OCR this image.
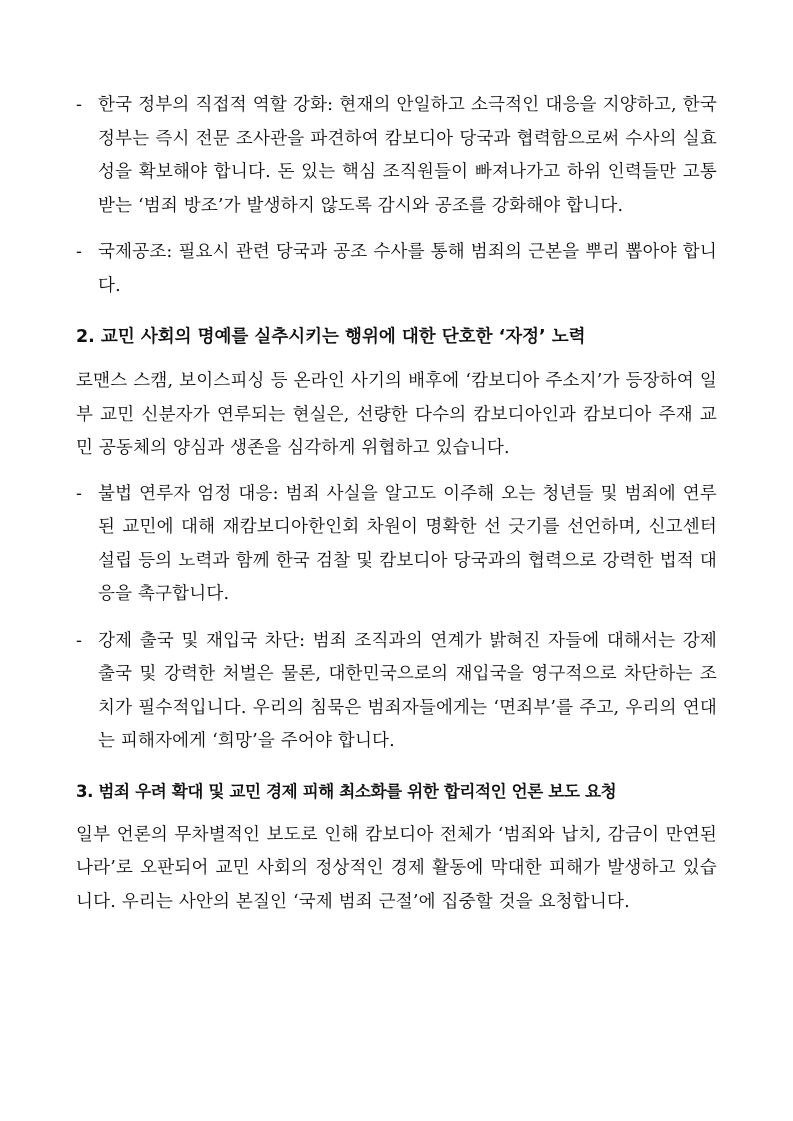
- 한국 정부의 직접적 역할 강화: 현재의 안일하고 소극적인 대응을 지양하고, 한국 정부는 즉시 전문 조사관을 파견하여 캄보디아 당국과 협력함으로써 수사의 실효성을 확보해야 합니다. 돈 있는 핵심 조직원들이 빠져나가고 하위 인력들만 고통받는 ‘범죄 방조’가 발생하지 않도록 감시와 공조를 강화해야 합니다.
- 국제공조: 필요시 관련 당국과 공조 수사를 통해 범죄의 근본을 뿌리 뽑아야 합니다.
2. 교민 사회의 명예를 실추시키는 행위에 대한 단호한 ‘자정’ 노력
로맨스 스캠, 보이스피싱 등 온라인 사기의 배후에 ‘캄보디아 주소지’가 등장하여 일부 교민 신분자가 연루되는 현실은, 선량한 다수의 캄보디아인과 캄보디아 주재 교민 공동체의 양심과 생존을 심각하게 위협하고 있습니다.
- 불법 연루자 엄정 대응: 범죄 사실을 알고도 이주해 오는 청년들 및 범죄에 연루된 교민에 대해 재캄보디아한인회 차원이 명확한 선 긋기를 선언하며, 신고센터 설립 등의 노력과 함께 한국 검찰 및 캄보디아 당국과의 협력으로 강력한 법적 대응을 촉구합니다.
- 강제 출국 및 재입국 차단: 범죄 조직과의 연계가 밝혀진 자들에 대해서는 강제 출국 및 강력한 처벌은 물론, 대한민국으로의 재입국을 영구적으로 차단하는 조치가 필수적입니다. 우리의 침묵은 범죄자들에게는 ‘면죄부’를 주고, 우리의 연대는 피해자에게 ‘희망’을 주어야 합니다.
3. 범죄 우려 확대 및 교민 경제 피해 최소화를 위한 합리적인 언론 보도 요청
일부 언론의 무차별적인 보도로 인해 캄보디아 전체가 ‘범죄와 납치, 감금이 만연된 나라’로 오판되어 교민 사회의 정상적인 경제 활동에 막대한 피해가 발생하고 있습니다. 우리는 사안의 본질인 ‘국제 범죄 근절’에 집중할 것을 요청합니다.
